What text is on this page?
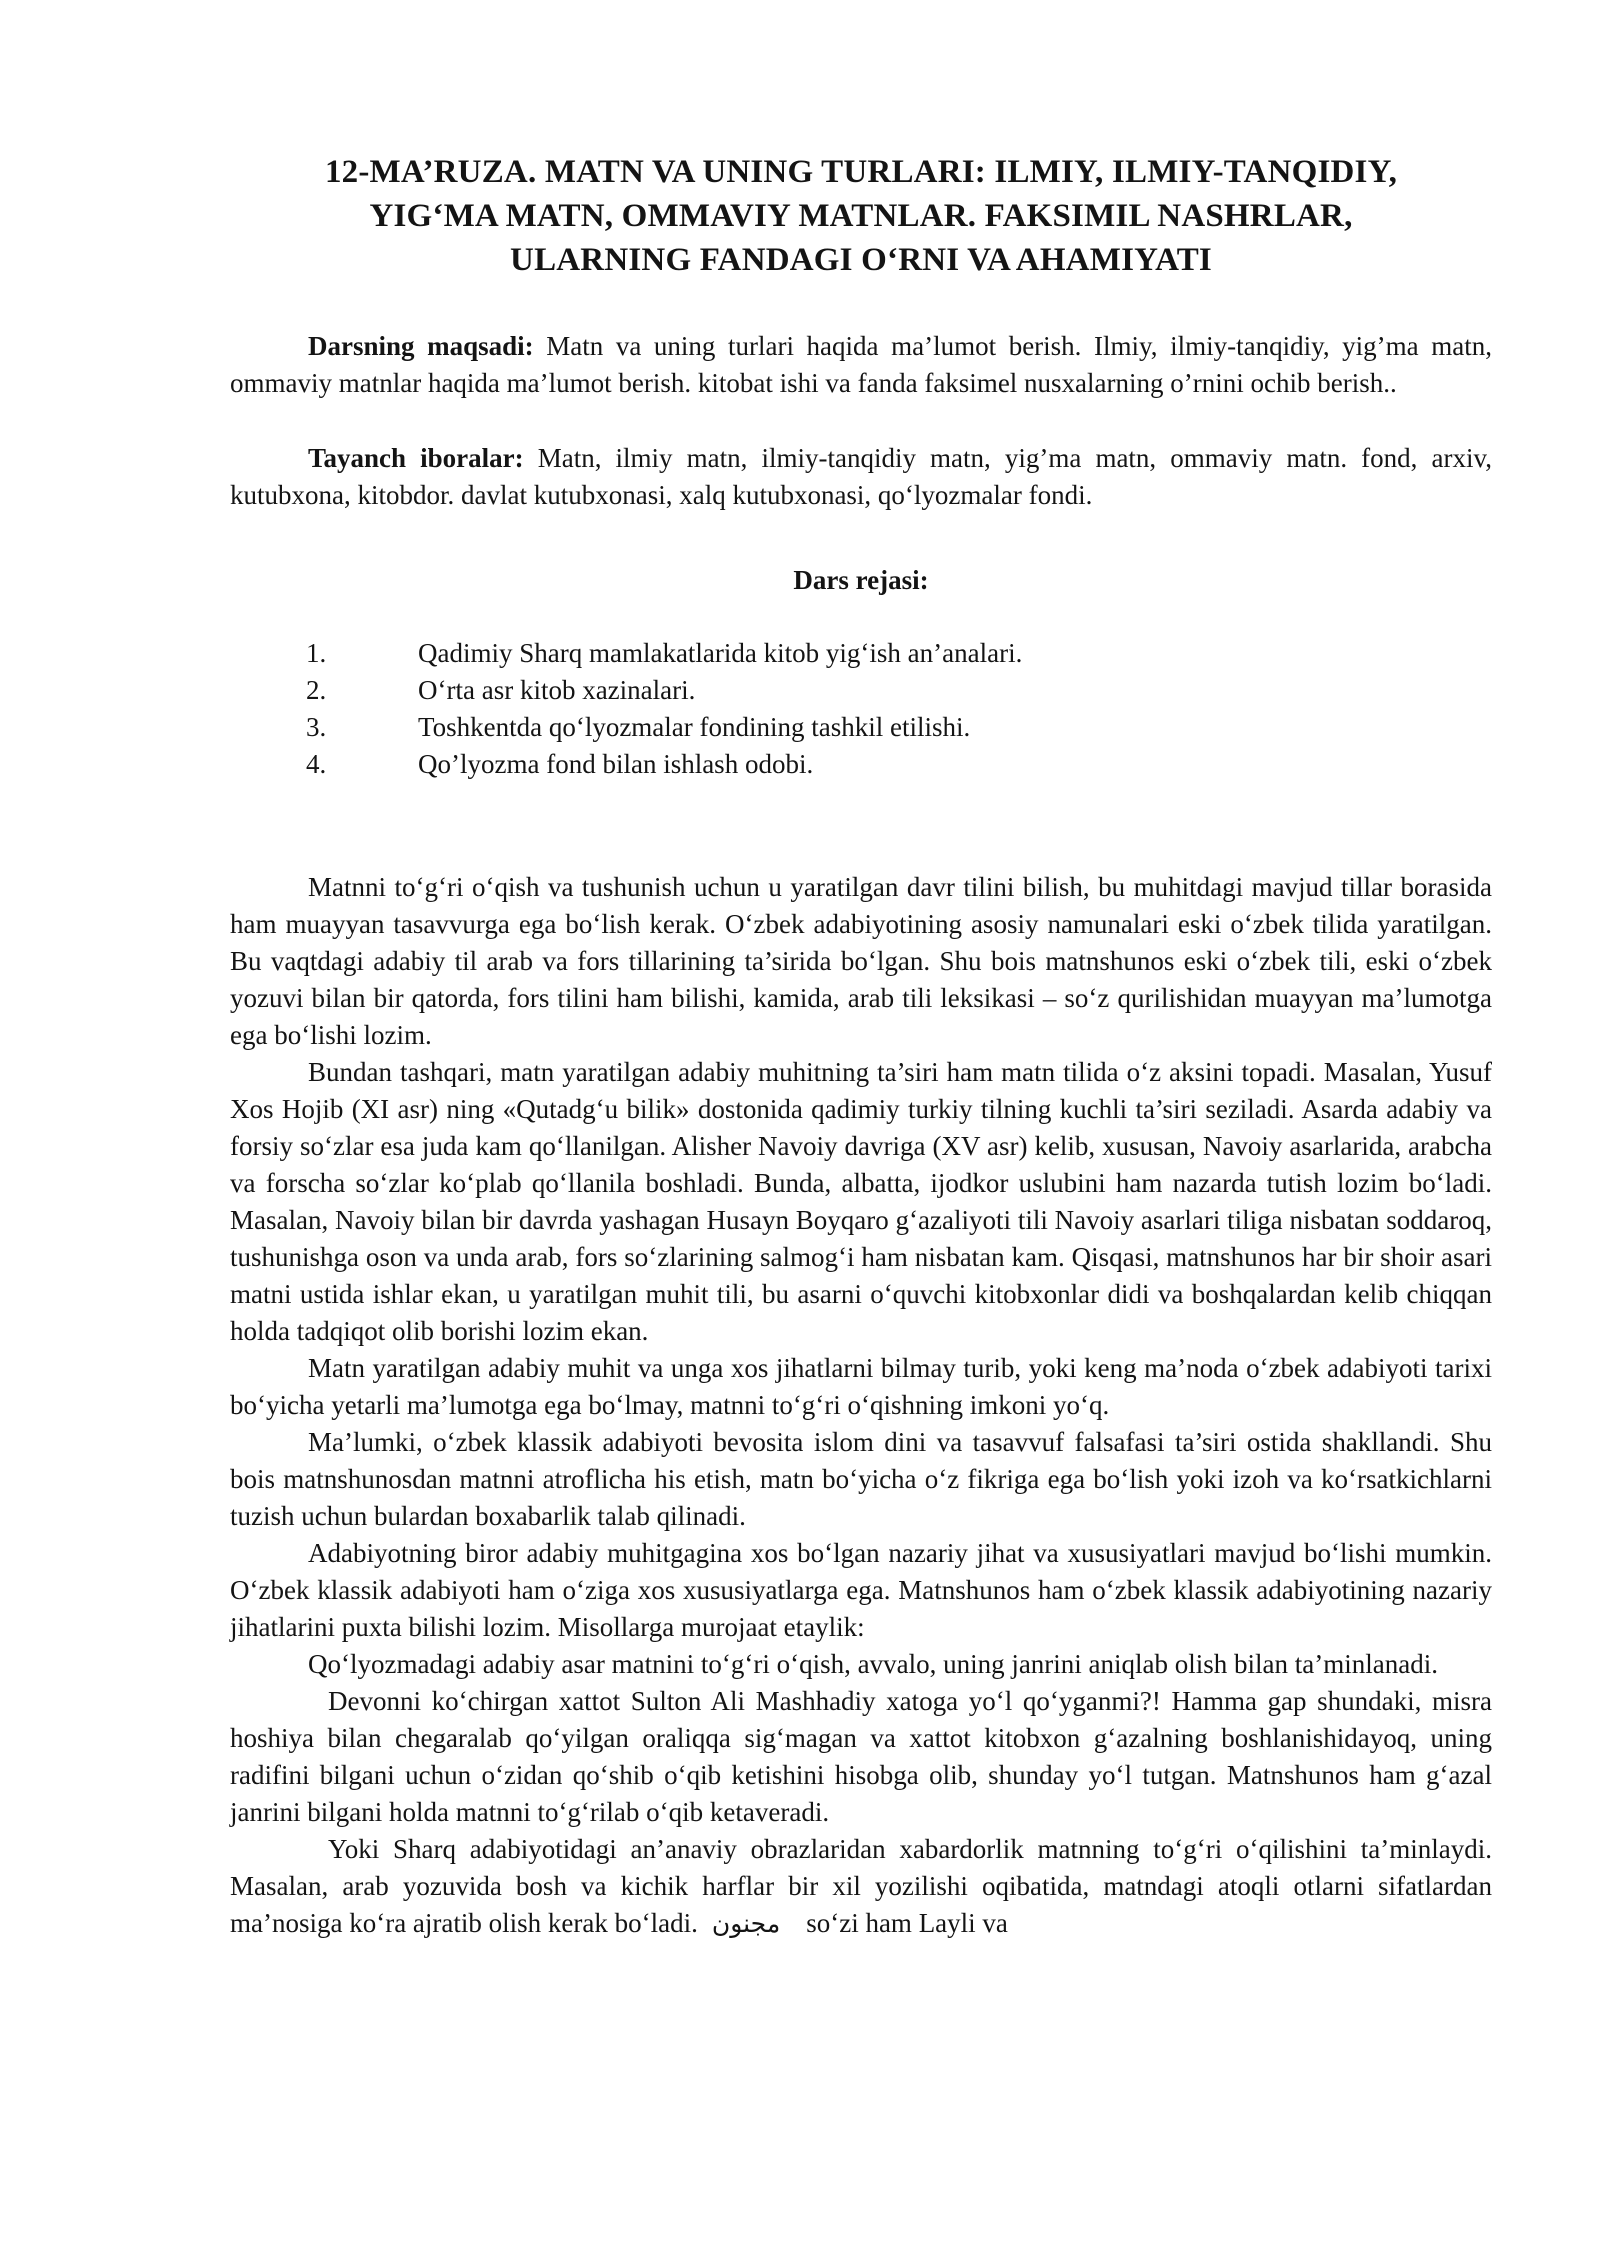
12-MA’RUZA. MATN VA UNING TURLARI: ILMIY, ILMIY-TANQIDIY,
YIG‘MA MATN, OMMAVIY MATNLAR. FAKSIMIL NASHRLAR,
ULARNING FANDAGI O‘RNI VA AHAMIYATI

Darsning maqsadi: Matn va uning turlari haqida ma’lumot berish. Ilmiy, ilmiy-tanqidiy, yig’ma matn, ommaviy matnlar haqida ma’lumot berish. kitobat ishi va fanda faksimel nusxalarning o’rnini ochib berish..

Tayanch iboralar: Matn, ilmiy matn, ilmiy-tanqidiy matn, yig’ma matn, ommaviy matn. fond, arxiv, kutubxona, kitobdor. davlat kutubxonasi, xalq kutubxonasi, qo‘lyozmalar fondi.

Dars rejasi:

1.	Qadimiy Sharq mamlakatlarida kitob yig‘ish an’analari.
2.	O‘rta asr kitob xazinalari.
3.	Toshkentda qo‘lyozmalar fondining tashkil etilishi.
4.	Qo’lyozma fond bilan ishlash odobi.

Matnni to‘g‘ri o‘qish va tushunish uchun u yaratilgan davr tilini bilish, bu muhitdagi mavjud tillar borasida ham muayyan tasavvurga ega bo‘lish kerak. O‘zbek adabiyotining asosiy namunalari eski o‘zbek tilida yaratilgan. Bu vaqtdagi adabiy til arab va fors tillarining ta’sirida bo‘lgan. Shu bois matnshunos eski o‘zbek tili, eski o‘zbek yozuvi bilan bir qatorda, fors tilini ham bilishi, kamida, arab tili leksikasi – so‘z qurilishidan muayyan ma’lumotga ega bo‘lishi lozim.

Bundan tashqari, matn yaratilgan adabiy muhitning ta’siri ham matn tilida o‘z aksini topadi. Masalan, Yusuf Xos Hojib (XI asr) ning «Qutadg‘u bilik» dostonida qadimiy turkiy tilning kuchli ta’siri seziladi. Asarda adabiy va forsiy so‘zlar esa juda kam qo‘llanilgan. Alisher Navoiy davriga (XV asr) kelib, xususan, Navoiy asarlarida, arabcha va forscha so‘zlar ko‘plab qo‘llanila boshladi. Bunda, albatta, ijodkor uslubini ham nazarda tutish lozim bo‘ladi. Masalan, Navoiy bilan bir davrda yashagan Husayn Boyqaro g‘azaliyoti tili Navoiy asarlari tiliga nisbatan soddaroq, tushunishga oson va unda arab, fors so‘zlarining salmog‘i ham nisbatan kam. Qisqasi, matnshunos har bir shoir asari matni ustida ishlar ekan, u yaratilgan muhit tili, bu asarni o‘quvchi kitobxonlar didi va boshqalardan kelib chiqqan holda tadqiqot olib borishi lozim ekan.

Matn yaratilgan adabiy muhit va unga xos jihatlarni bilmay turib, yoki keng ma’noda o‘zbek adabiyoti tarixi bo‘yicha yetarli ma’lumotga ega bo‘lmay, matnni to‘g‘ri o‘qishning imkoni yo‘q.

Ma’lumki, o‘zbek klassik adabiyoti bevosita islom dini va tasavvuf falsafasi ta’siri ostida shakllandi. Shu bois matnshunosdan matnni atroflicha his etish, matn bo‘yicha o‘z fikriga ega bo‘lish yoki izoh va ko‘rsatkichlarni tuzish uchun bulardan boxabarlik talab qilinadi.

Adabiyotning biror adabiy muhitgagina xos bo‘lgan nazariy jihat va xususiyatlari mavjud bo‘lishi mumkin. O‘zbek klassik adabiyoti ham o‘ziga xos xususiyatlarga ega. Matnshunos ham o‘zbek klassik adabiyotining nazariy jihatlarini puxta bilishi lozim. Misollarga murojaat etaylik:

Qo‘lyozmadagi adabiy asar matnini to‘g‘ri o‘qish, avvalo, uning janrini aniqlab olish bilan ta’minlanadi.

Devonni ko‘chirgan xattot Sulton Ali Mashhadiy xatoga yo‘l qo‘yganmi?! Hamma gap shundaki, misra hoshiya bilan chegaralab qo‘yilgan oraliqqa sig‘magan va xattot kitobxon g‘azalning boshlanishidayoq, uning radifini bilgani uchun o‘zidan qo‘shib o‘qib ketishini hisobga olib, shunday yo‘l tutgan. Matnshunos ham g‘azal janrini bilgani holda matnni to‘g‘rilab o‘qib ketaveradi.

Yoki Sharq adabiyotidagi an’anaviy obrazlaridan xabardorlik matnning to‘g‘ri o‘qilishini ta’minlaydi. Masalan, arab yozuvida bosh va kichik harflar bir xil yozilishi oqibatida, matndagi atoqli otlarni sifatlardan ma’nosiga ko‘ra ajratib olish kerak bo‘ladi. مجنون so‘zi ham Layli va
